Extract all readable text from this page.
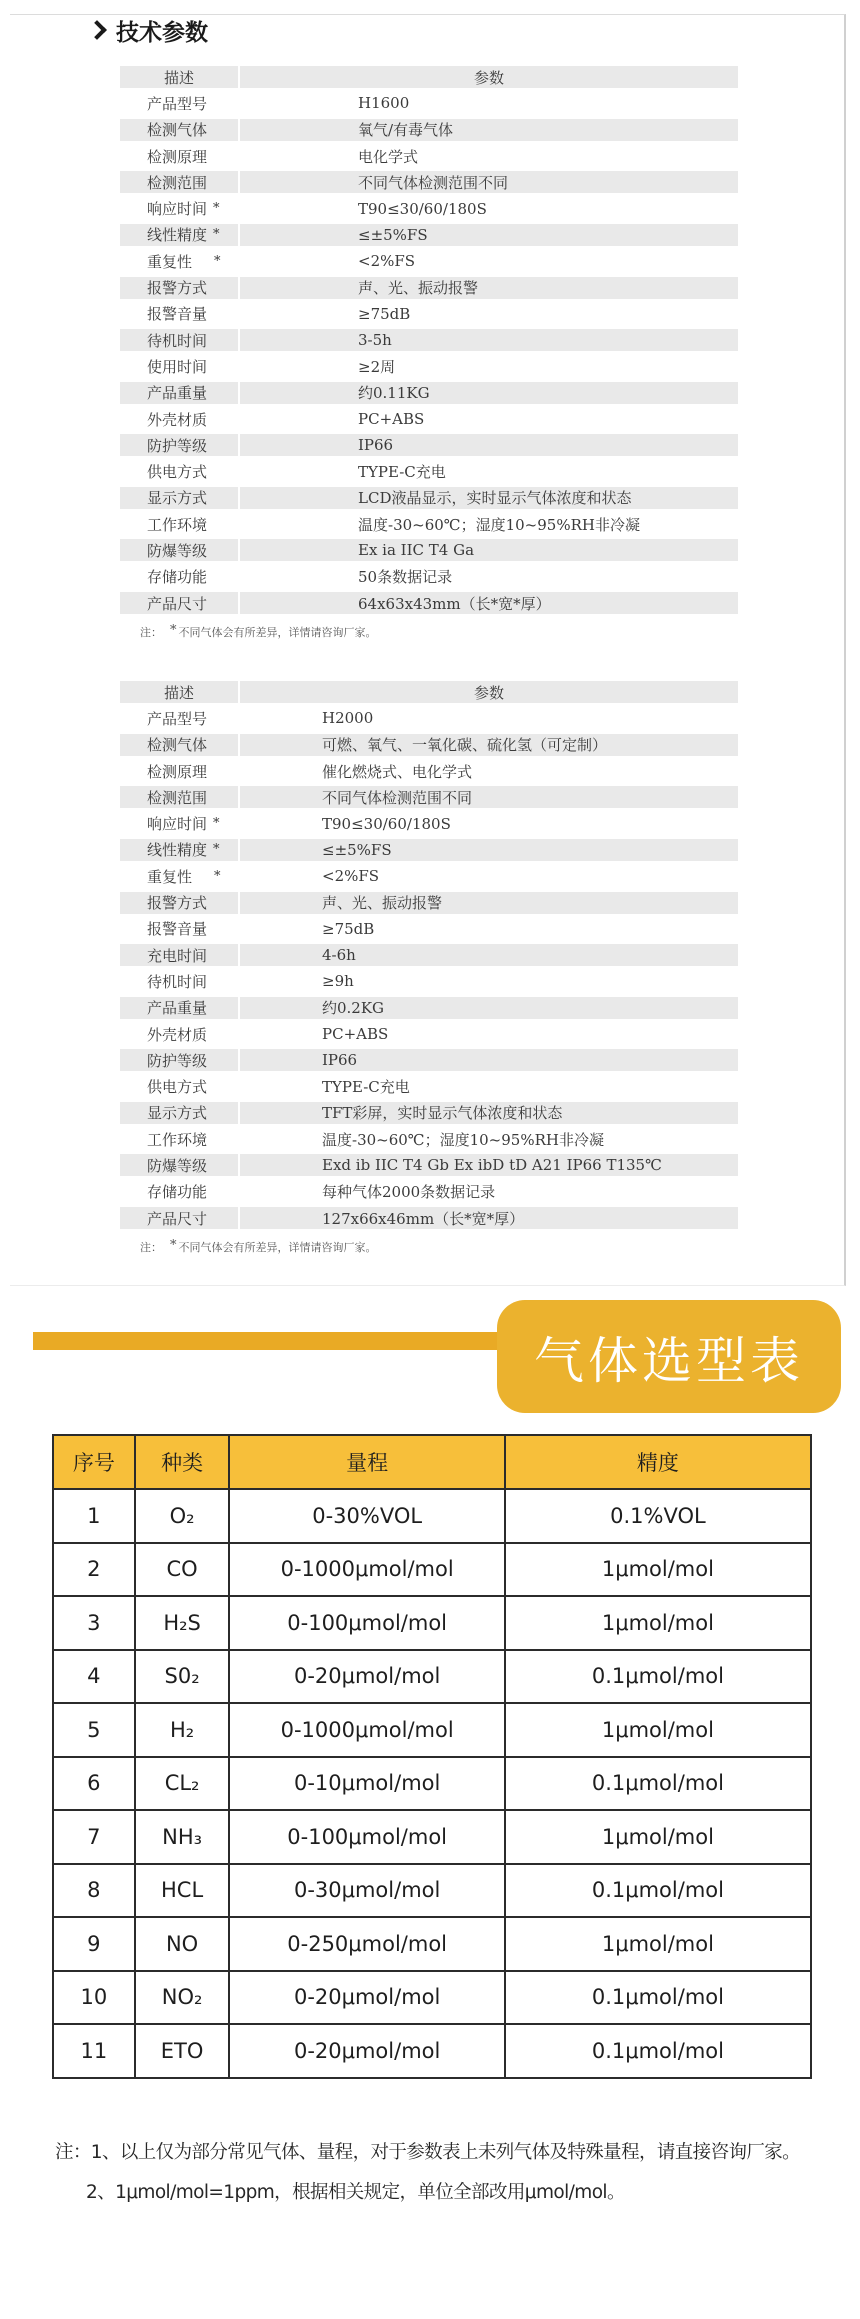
技术参数
描述	参数
产品型号	H1600
检测气体	氧气/有毒气体
检测原理	电化学式
检测范围	不同气体检测范围不同
响应时间 *	T90≤30/60/180S
线性精度 *	≤±5%FS
重复性 *	<2%FS
报警方式	声、光、振动报警
报警音量	≥75dB
待机时间	3-5h
使用时间	≥2周
产品重量	约0.11KG
外壳材质	PC+ABS
防护等级	IP66
供电方式	TYPE-C充电
显示方式	LCD液晶显示，实时显示气体浓度和状态
工作环境	温度-30~60℃；湿度10~95%RH非冷凝
防爆等级	Ex ia IIC T4 Ga
存储功能	50条数据记录
产品尺寸	64x63x43mm（长*宽*厚）
注： * 不同气体会有所差异，详情请咨询厂家。
描述	参数
产品型号	H2000
检测气体	可燃、氧气、一氧化碳、硫化氢（可定制）
检测原理	催化燃烧式、电化学式
检测范围	不同气体检测范围不同
响应时间 *	T90≤30/60/180S
线性精度 *	≤±5%FS
重复性 *	<2%FS
报警方式	声、光、振动报警
报警音量	≥75dB
充电时间	4-6h
待机时间	≥9h
产品重量	约0.2KG
外壳材质	PC+ABS
防护等级	IP66
供电方式	TYPE-C充电
显示方式	TFT彩屏，实时显示气体浓度和状态
工作环境	温度-30~60℃；湿度10~95%RH非冷凝
防爆等级	Exd ib IIC T4 Gb Ex ibD tD A21 IP66 T135℃
存储功能	每种气体2000条数据记录
产品尺寸	127x66x46mm（长*宽*厚）
注： * 不同气体会有所差异，详情请咨询厂家。
气体选型表
序号	种类	量程	精度
1	O₂	0-30%VOL	0.1%VOL
2	CO	0-1000μmol/mol	1μmol/mol
3	H₂S	0-100μmol/mol	1μmol/mol
4	S0₂	0-20μmol/mol	0.1μmol/mol
5	H₂	0-1000μmol/mol	1μmol/mol
6	CL₂	0-10μmol/mol	0.1μmol/mol
7	NH₃	0-100μmol/mol	1μmol/mol
8	HCL	0-30μmol/mol	0.1μmol/mol
9	NO	0-250μmol/mol	1μmol/mol
10	NO₂	0-20μmol/mol	0.1μmol/mol
11	ETO	0-20μmol/mol	0.1μmol/mol
注：1、以上仅为部分常见气体、量程，对于参数表上未列气体及特殊量程，请直接咨询厂家。
2、1μmol/mol=1ppm，根据相关规定，单位全部改用μmol/mol。
